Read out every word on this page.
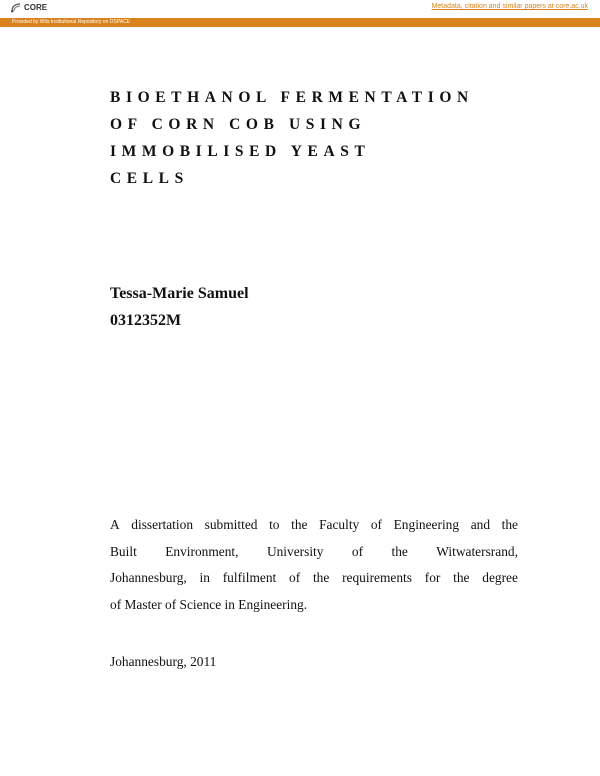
CORE	Metadata, citation and similar papers at core.ac.uk
Provided by Wits Institutional Repository on DSPACE
BIOETHANOL FERMENTATION
OF CORN COB USING
IMMOBILISED YEAST
CELLS
Tessa-Marie Samuel
0312352M
A dissertation submitted to the Faculty of Engineering and the
Built Environment, University of the Witwatersrand,
Johannesburg, in fulfilment of the requirements for the degree
of Master of Science in Engineering.
Johannesburg, 2011
